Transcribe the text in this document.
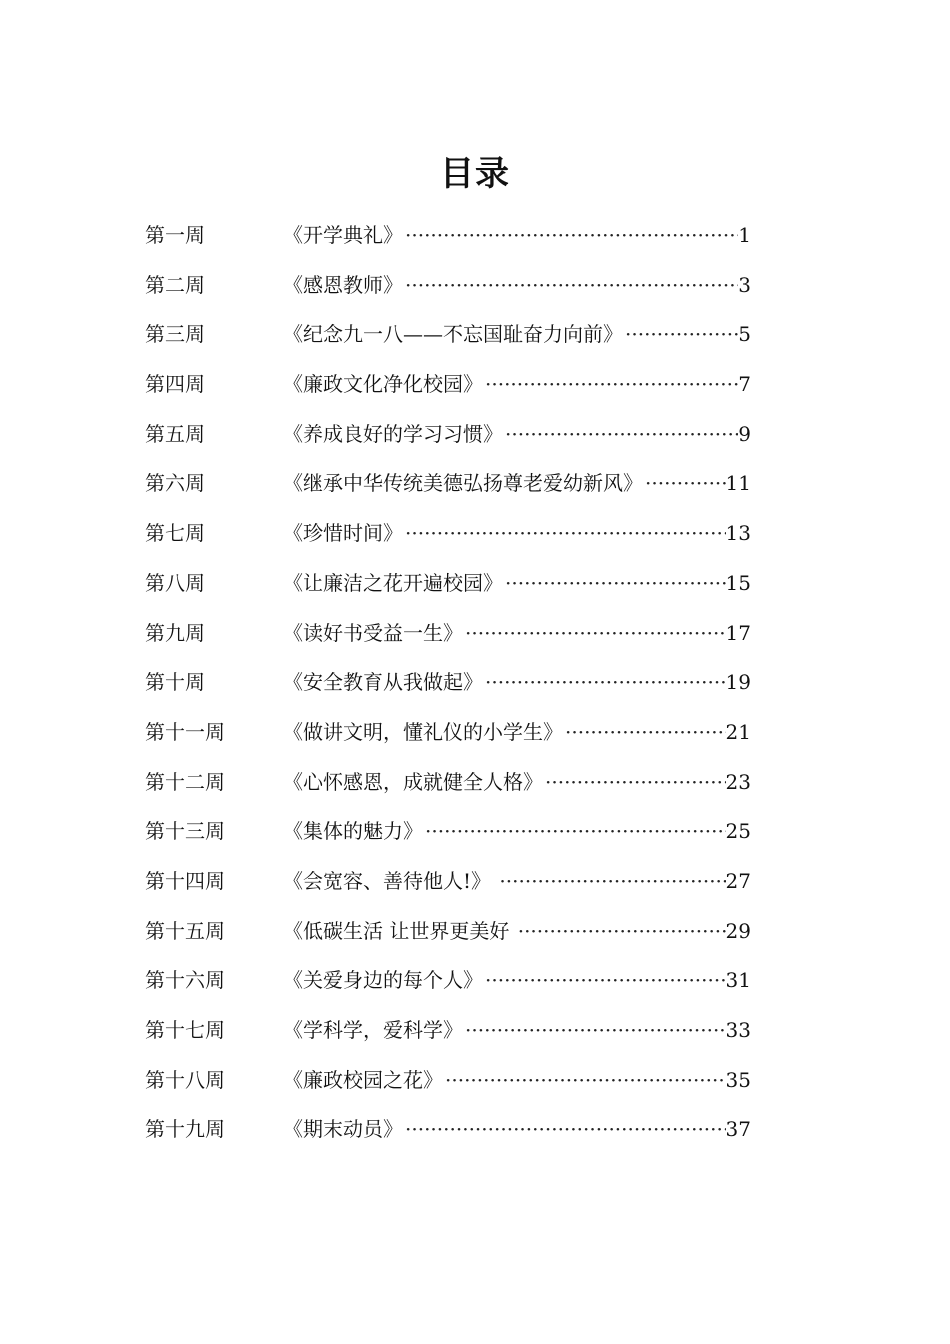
目录
第一周	《开学典礼》 ·····	1
第二周	《感恩教师》 ·····	3
第三周	《纪念九一八——不忘国耻奋力向前》 ·····	5
第四周	《廉政文化净化校园》 ·····	7
第五周	《养成良好的学习习惯》 ·····	9
第六周	《继承中华传统美德弘扬尊老爱幼新风》 ·····	11
第七周	《珍惜时间》 ·····	13
第八周	《让廉洁之花开遍校园》 ·····	15
第九周	《读好书受益一生》 ·····	17
第十周	《安全教育从我做起》 ·····	19
第十一周	《做讲文明，懂礼仪的小学生》 ·····	21
第十二周	《心怀感恩，成就健全人格》 ·····	23
第十三周	《集体的魅力》 ·····	25
第十四周	《会宽容、善待他人!》 ·····	27
第十五周	《低碳生活 让世界更美好 ·····	29
第十六周	《关爱身边的每个人》 ·····	31
第十七周	《学科学，爱科学》 ·····	33
第十八周	《廉政校园之花》 ·····	35
第十九周	《期末动员》 ·····	37
